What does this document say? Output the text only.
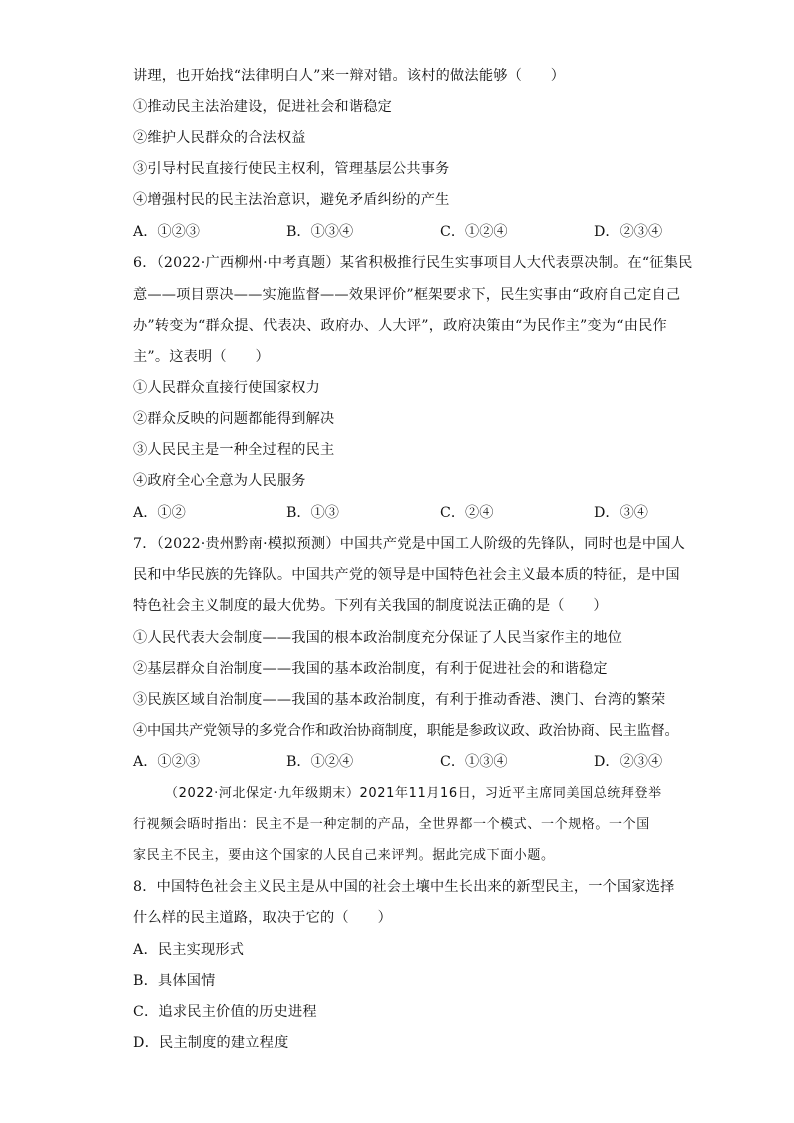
讲理，也开始找“法律明白人”来一辩对错。该村的做法能够（　　）
①推动民主法治建设，促进社会和谐稳定
②维护人民群众的合法权益
③引导村民直接行使民主权利，管理基层公共事务
④增强村民的民主法治意识，避免矛盾纠纷的产生
A．①②③	B．①③④	C．①②④	D．②③④
6．（2022·广西柳州·中考真题）某省积极推行民生实事项目人大代表票决制。在“征集民
意——项目票决——实施监督——效果评价”框架要求下，民生实事由“政府自己定自己
办”转变为“群众提、代表决、政府办、人大评”，政府决策由“为民作主”变为“由民作
主”。这表明（　　）
①人民群众直接行使国家权力
②群众反映的问题都能得到解决
③人民民主是一种全过程的民主
④政府全心全意为人民服务
A．①②	B．①③	C．②④	D．③④
7．（2022·贵州黔南·模拟预测）中国共产党是中国工人阶级的先锋队，同时也是中国人
民和中华民族的先锋队。中国共产党的领导是中国特色社会主义最本质的特征，是中国
特色社会主义制度的最大优势。下列有关我国的制度说法正确的是（　　）
①人民代表大会制度——我国的根本政治制度充分保证了人民当家作主的地位
②基层群众自治制度——我国的基本政治制度，有利于促进社会的和谐稳定
③民族区域自治制度——我国的基本政治制度，有利于推动香港、澳门、台湾的繁荣
④中国共产党领导的多党合作和政治协商制度，职能是参政议政、政治协商、民主监督。
A．①②③	B．①②④	C．①③④	D．②③④
（2022·河北保定·九年级期末）2021年11月16日，习近平主席同美国总统拜登举
行视频会晤时指出：民主不是一种定制的产品，全世界都一个模式、一个规格。一个国
家民主不民主，要由这个国家的人民自己来评判。据此完成下面小题。
8．中国特色社会主义民主是从中国的社会土壤中生长出来的新型民主，一个国家选择
什么样的民主道路，取决于它的（　　）
A．民主实现形式
B．具体国情
C．追求民主价值的历史进程
D．民主制度的建立程度
